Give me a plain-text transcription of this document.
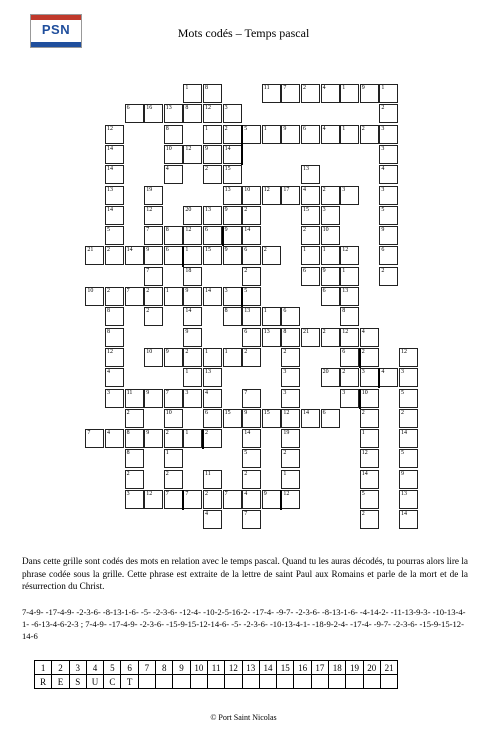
PSN	Mots codés – Temps pascal
1	8	11 7	2	4	1	9	1
6	16 13 8	12 3	2
12	8	1	2	5	1	9	6	4	1	2	3
14	10 12 9	14	3
14	4	2	15	13	4
13	19	13 10 12 17 4	2	3	3
14	12	20 13 9	2	15 3	5
5	7	8	12 6	9	14	2	10	9
21 2	14 9	6	1	15 9	6	2	1	1	12	6
7	18	2	6	9	1	2
10 2	7	2	1	9	14 3	5	6	13
8	2	14	8	13 1	6	8
8	9	6	13 8	21 2	12 4
12	10 9	2	1	1	2	2	6	2	12
4	1	13	3	20 2	3	4	3
3	11 9	7	3	4	7	3	3	10	5
2	10	6	15 9	15 12 14 6	2	2
7	4	8	9	2	1	2	14	19	1	14
8	1	5	2	12	5
2	2	11	2	1	14	9
3	12 7	7	2	7	4	9	12	5	13
4	7	2	14
Dans cette grille sont codés des mots en relation avec le temps pascal. Quand tu les auras décodés, tu pourras alors lire la phrase codée sous la grille. Cette phrase est extraite de la lettre de saint Paul aux Romains et parle de la mort et de la résurrection du Christ.
7-4-9- -17-4-9- -2-3-6- -8-13-1-6- -5- -2-3-6- -12-4- -10-2-5-16-2- -17-4- -9-7- -2-3-6- -8-13-1-6- -4-14-2- -11-13-9-3- -10-13-4-1- -6-13-4-6-2-3 ; 7-4-9- -17-4-9- -2-3-6- -15-9-15-12-14-6- -5- -2-3-6- -10-13-4-1- -18-9-2-4- -17-4- -9-7- -2-3-6- -15-9-15-12-14-6
1	2	3	4	5	6	7	8	9	10	11	12	13	14	15	16	17	18	19	20	21
R	E	S	U	C	T															
© Port Saint Nicolas
